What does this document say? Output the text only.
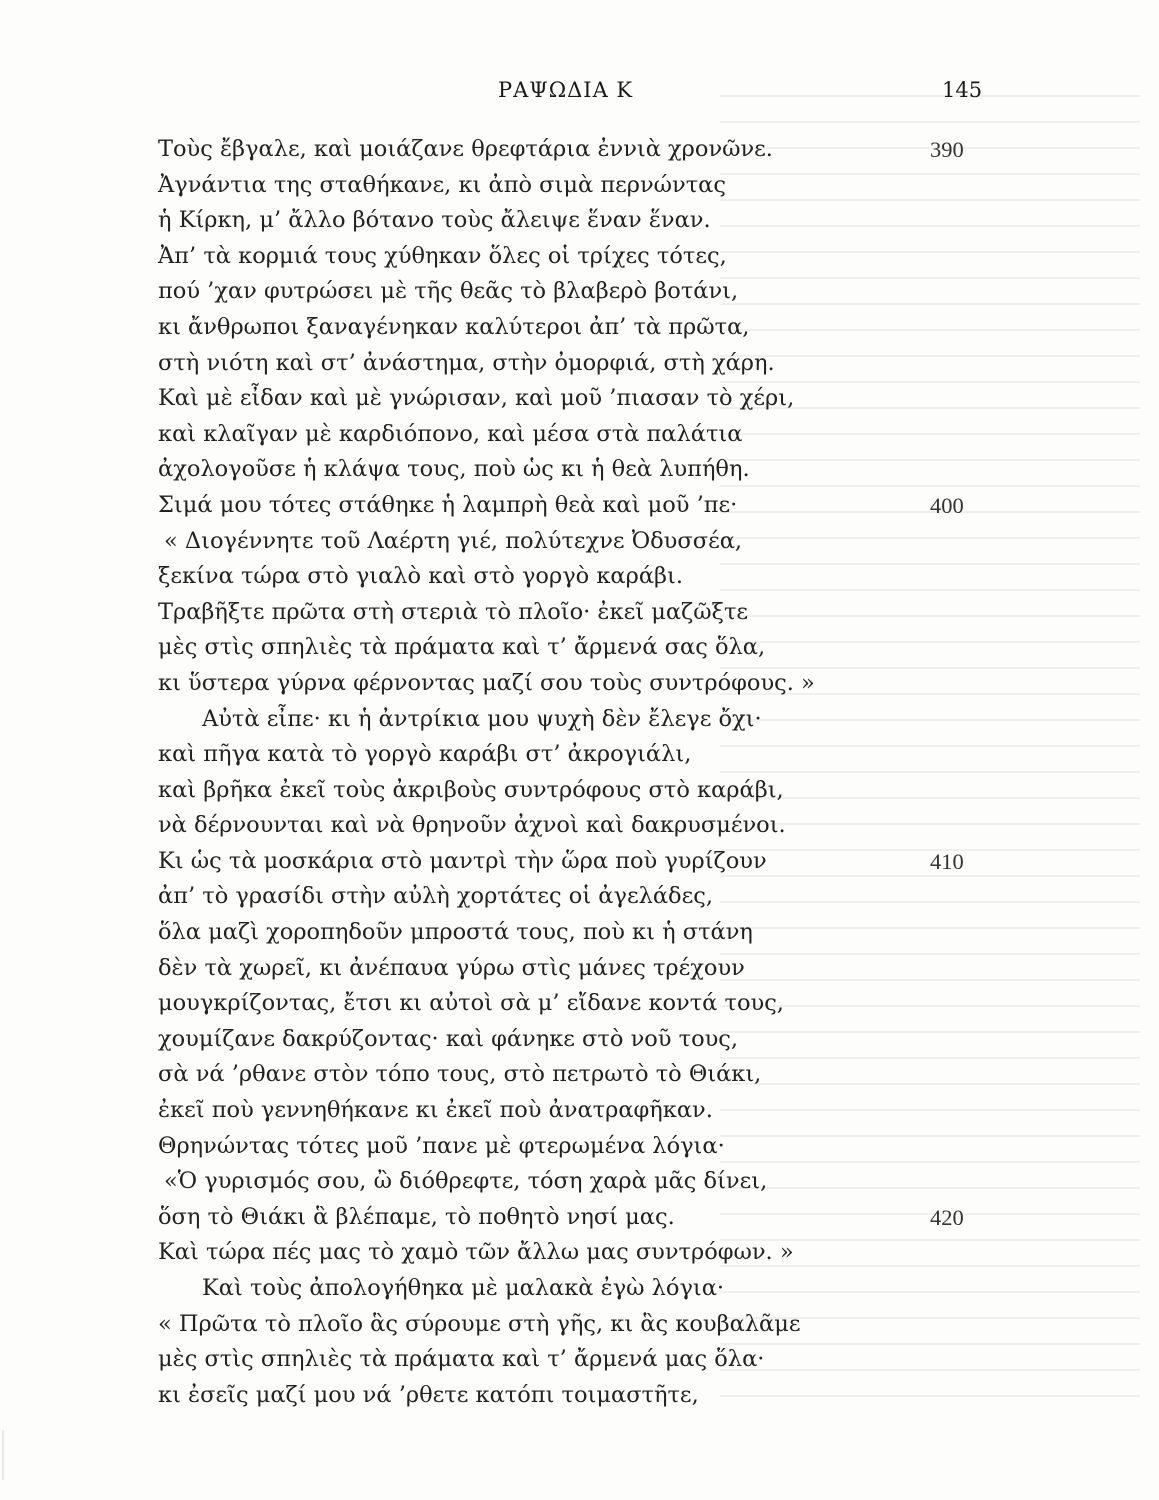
ΡΑΨΩΔΙΑ Κ	145
Τοὺς ἔβγαλε, καὶ μοιάζανε θρεφτάρια ἐννιὰ χρονῶνε.	390
Ἀγνάντια της σταθήκανε, κι ἀπὸ σιμὰ περνώντας
ἡ Κίρκη, μ’ ἄλλο βότανο τοὺς ἄλειψε ἕναν ἕναν.
Ἀπ’ τὰ κορμιά τους χύθηκαν ὅλες οἱ τρίχες τότες,
πού ’χαν φυτρώσει μὲ τῆς θεᾶς τὸ βλαβερὸ βοτάνι,
κι ἄνθρωποι ξαναγένηκαν καλύτεροι ἀπ’ τὰ πρῶτα,
στὴ νιότη καὶ στ’ ἀνάστημα, στὴν ὀμορφιά, στὴ χάρη.
Καὶ μὲ εἶδαν καὶ μὲ γνώρισαν, καὶ μοῦ ’πιασαν τὸ χέρι,
καὶ κλαῖγαν μὲ καρδιόπονο, καὶ μέσα στὰ παλάτια
ἀχολογοῦσε ἡ κλάψα τους, ποὺ ὡς κι ἡ θεὰ λυπήθη.
Σιμά μου τότες στάθηκε ἡ λαμπρὴ θεὰ καὶ μοῦ ’πε·	400
« Διογέννητε τοῦ Λαέρτη γιέ, πολύτεχνε Ὀδυσσέα,
ξεκίνα τώρα στὸ γιαλὸ καὶ στὸ γοργὸ καράβι.
Τραβῆξτε πρῶτα στὴ στεριὰ τὸ πλοῖο· ἐκεῖ μαζῶξτε
μὲς στὶς σπηλιὲς τὰ πράματα καὶ τ’ ἄρμενά σας ὅλα,
κι ὕστερα γύρνα φέρνοντας μαζί σου τοὺς συντρόφους. »
Αὐτὰ εἶπε· κι ἡ ἀντρίκια μου ψυχὴ δὲν ἔλεγε ὄχι·
καὶ πῆγα κατὰ τὸ γοργὸ καράβι στ’ ἀκρογιάλι,
καὶ βρῆκα ἐκεῖ τοὺς ἀκριβοὺς συντρόφους στὸ καράβι,
νὰ δέρνουνται καὶ νὰ θρηνοῦν ἀχνοὶ καὶ δακρυσμένοι.
Κι ὡς τὰ μοσκάρια στὸ μαντρὶ τὴν ὥρα ποὺ γυρίζουν	410
ἀπ’ τὸ γρασίδι στὴν αὐλὴ χορτάτες οἱ ἀγελάδες,
ὅλα μαζὶ χοροπηδοῦν μπροστά τους, ποὺ κι ἡ στάνη
δὲν τὰ χωρεῖ, κι ἀνέπαυα γύρω στὶς μάνες τρέχουν
μουγκρίζοντας, ἔτσι κι αὐτοὶ σὰ μ’ εἴδανε κοντά τους,
χουμίζανε δακρύζοντας· καὶ φάνηκε στὸ νοῦ τους,
σὰ νά ’ρθανε στὸν τόπο τους, στὸ πετρωτὸ τὸ Θιάκι,
ἐκεῖ ποὺ γεννηθήκανε κι ἐκεῖ ποὺ ἀνατραφῆκαν.
Θρηνώντας τότες μοῦ ’πανε μὲ φτερωμένα λόγια·
«Ὁ γυρισμός σου, ὢ διόθρεφτε, τόση χαρὰ μᾶς δίνει,
ὅση τὸ Θιάκι ἃ βλέπαμε, τὸ ποθητὸ νησί μας.	420
Καὶ τώρα πές μας τὸ χαμὸ τῶν ἄλλω μας συντρόφων. »
Καὶ τοὺς ἀπολογήθηκα μὲ μαλακὰ ἐγὼ λόγια·
« Πρῶτα τὸ πλοῖο ἃς σύρουμε στὴ γῆς, κι ἃς κουβαλᾶμε
μὲς στὶς σπηλιὲς τὰ πράματα καὶ τ’ ἄρμενά μας ὅλα·
κι ἐσεῖς μαζί μου νά ’ρθετε κατόπι τοιμαστῆτε,
